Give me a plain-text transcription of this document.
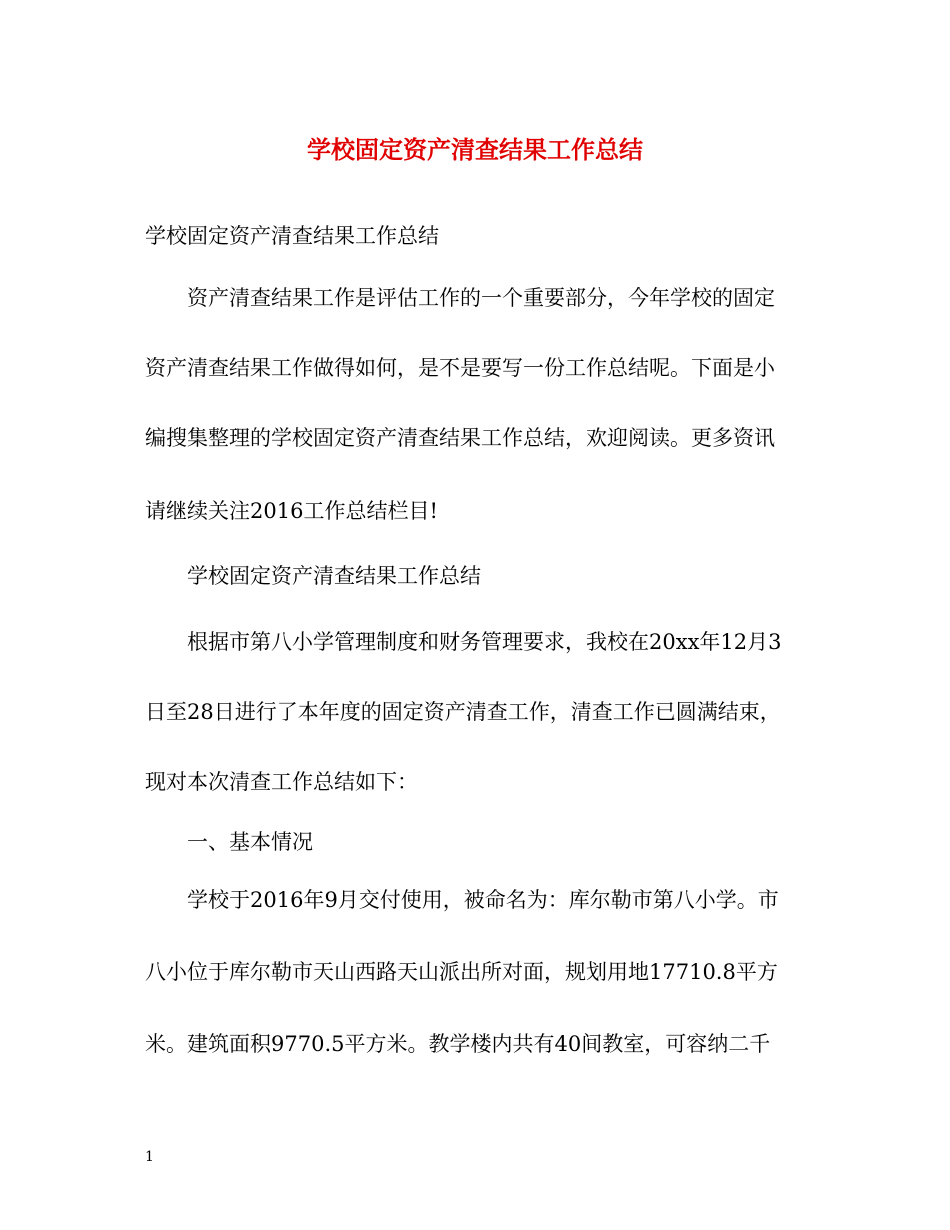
学校固定资产清查结果工作总结
学校固定资产清查结果工作总结
资产清查结果工作是评估工作的一个重要部分，今年学校的固定
资产清查结果工作做得如何，是不是要写一份工作总结呢。下面是小
编搜集整理的学校固定资产清查结果工作总结，欢迎阅读。更多资讯
请继续关注2016工作总结栏目!
学校固定资产清查结果工作总结
根据市第八小学管理制度和财务管理要求，我校在20xx年12月3
日至28日进行了本年度的固定资产清查工作，清查工作已圆满结束，
现对本次清查工作总结如下：
一、基本情况
学校于2016年9月交付使用，被命名为：库尔勒市第八小学。市
八小位于库尔勒市天山西路天山派出所对面，规划用地17710.8平方
米。建筑面积9770.5平方米。教学楼内共有40间教室，可容纳二千
1
